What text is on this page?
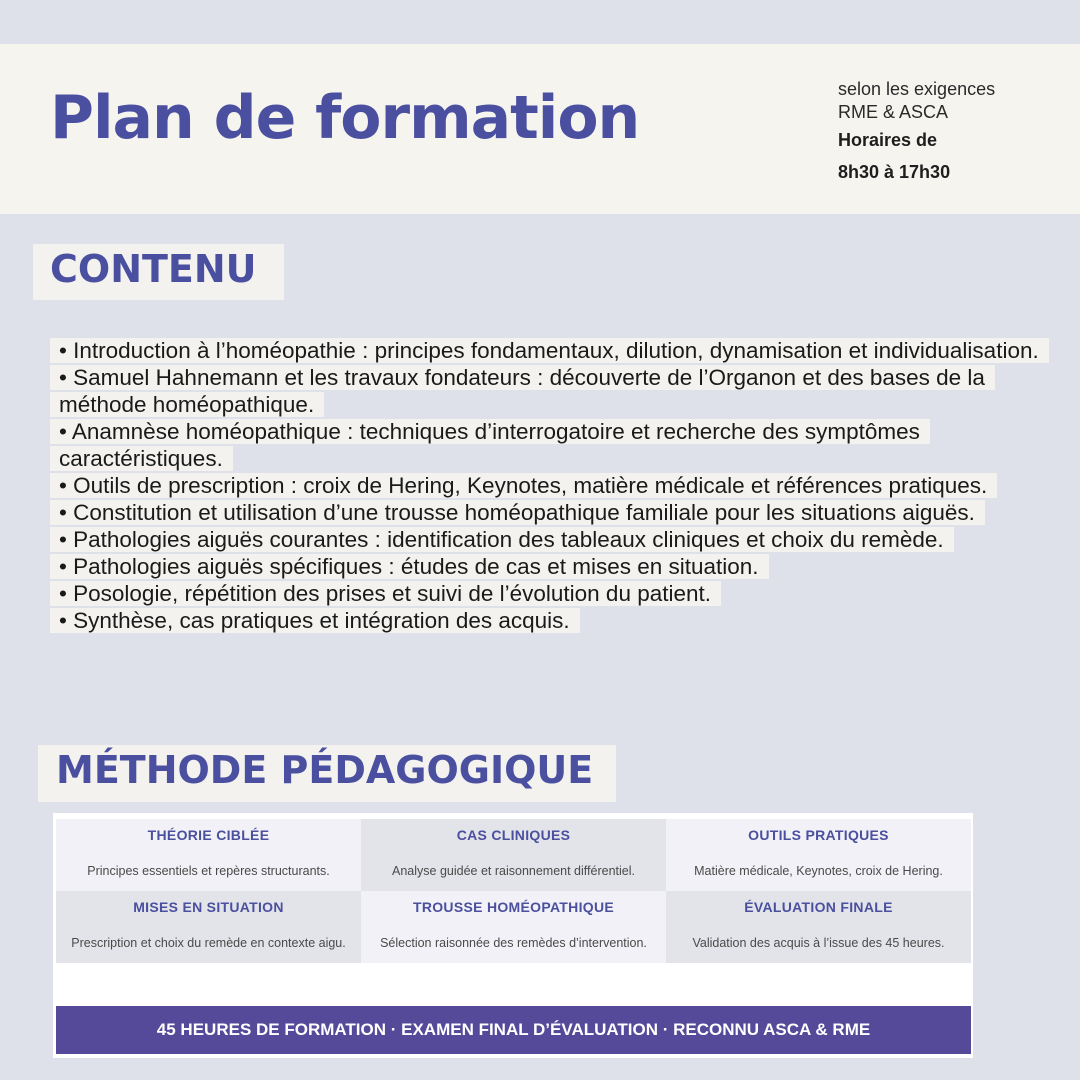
Plan de formation	selon les exigences
RME & ASCA
Horaires de
8h30 à 17h30
CONTENU
• Introduction à l’homéopathie : principes fondamentaux, dilution, dynamisation et individualisation.
• Samuel Hahnemann et les travaux fondateurs : découverte de l’Organon et des bases de la méthode homéopathique.
• Anamnèse homéopathique : techniques d’interrogatoire et recherche des symptômes caractéristiques.
• Outils de prescription : croix de Hering, Keynotes, matière médicale et références pratiques.
• Constitution et utilisation d’une trousse homéopathique familiale pour les situations aiguës.
• Pathologies aiguës courantes : identification des tableaux cliniques et choix du remède.
• Pathologies aiguës spécifiques : études de cas et mises en situation.
• Posologie, répétition des prises et suivi de l’évolution du patient.
• Synthèse, cas pratiques et intégration des acquis.
MÉTHODE PÉDAGOGIQUE
THÉORIE CIBLÉE
Principes essentiels et repères structurants.
CAS CLINIQUES
Analyse guidée et raisonnement différentiel.
OUTILS PRATIQUES
Matière médicale, Keynotes, croix de Hering.
MISES EN SITUATION
Prescription et choix du remède en contexte aigu.
TROUSSE HOMÉOPATHIQUE
Sélection raisonnée des remèdes d’intervention.
ÉVALUATION FINALE
Validation des acquis à l’issue des 45 heures.
45 HEURES DE FORMATION · EXAMEN FINAL D’ÉVALUATION · RECONNU ASCA & RME
